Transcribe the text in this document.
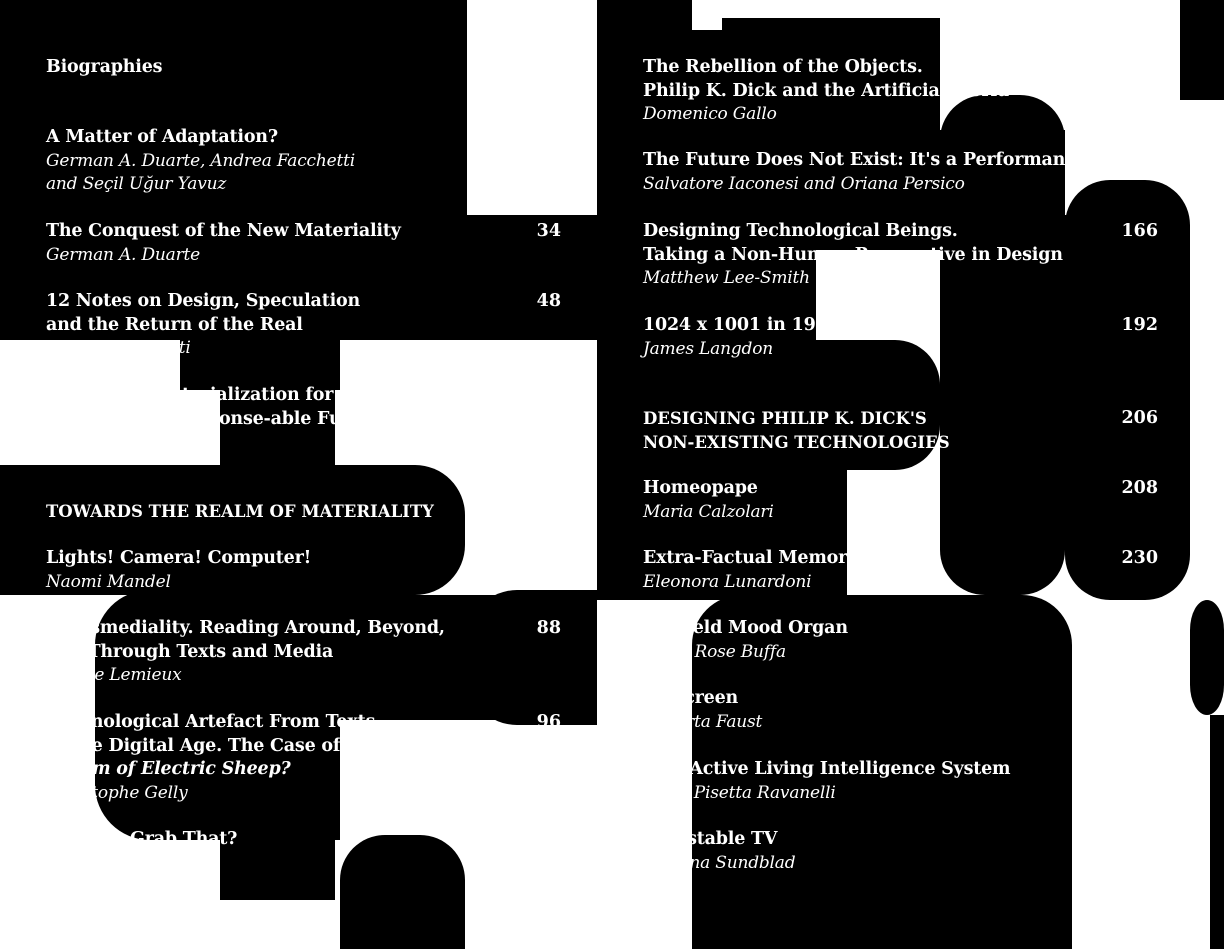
Biographies
A Matter of Adaptation?
German A. Duarte, Andrea Facchetti
and Seçil Uğur Yavuz
The Conquest of the New Materiality
German A. Duarte
12 Notes on Design, Speculation
and the Return of the Real
Andrea Facchetti
Fabulative Materialization for Collective
Dreaming of Response-able Future(s)
Seçil Uğur Yavuz
TOWARDS THE REALM OF MATERIALITY
Lights! Camera! Computer!
Naomi Mandel
Transmediality. Reading Around, Beyond,
and Through Texts and Media
Amélie Lemieux
Technological Artefact From Texts
to the Digital Age. The Case of Do Androids
Dream of Electric Sheep?
Christophe Gelly
Can You Grab That?
Tobias Revell
6
12
34
48
60
70
72
88
96
110
The Rebellion of the Objects.
Philip K. Dick and the Artificial World
Domenico Gallo
The Future Does Not Exist: It's a Performance
Salvatore Iaconesi and Oriana Persico
Designing Technological Beings.
Taking a Non-Human Perspective in Design
Matthew Lee-Smith
1024 x 1001 in 1991
James Langdon
DESIGNING PHILIP K. DICK'S
NON-EXISTING TECHNOLOGIES
Homeopape
Maria Calzolari
Extra-Factual Memory
Eleonora Lunardoni
Penfield Mood Organ
Lucia Rose Buffa
Vidscreen
Roberta Faust
Vast Active Living Intelligence System
Luisa Pisetta Ravanelli
Adjustable TV
Josefina Sundblad
128
148
166
192
206
208
230
254
272
292
314
